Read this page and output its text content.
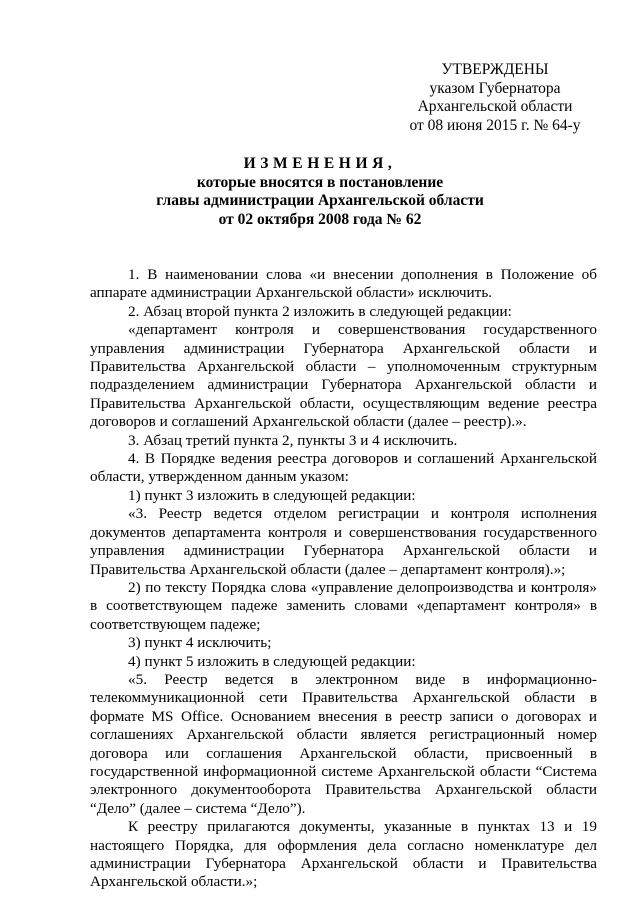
УТВЕРЖДЕНЫ
указом Губернатора
Архангельской области
от 08 июня 2015 г. № 64-у
ИЗМЕНЕНИЯ,
которые вносятся в постановление
главы администрации Архангельской области
от 02 октября 2008 года № 62

1. В наименовании слова «и внесении дополнения в Положение об аппарате администрации Архангельской области» исключить.

2. Абзац второй пункта 2 изложить в следующей редакции:

«департамент контроля и совершенствования государственного управления администрации Губернатора Архангельской области и Правительства Архангельской области – уполномоченным структурным подразделением администрации Губернатора Архангельской области и Правительства Архангельской области, осуществляющим ведение реестра договоров и соглашений Архангельской области (далее – реестр).».

3. Абзац третий пункта 2, пункты 3 и 4 исключить.

4. В Порядке ведения реестра договоров и соглашений Архангельской области, утвержденном данным указом:

1) пункт 3 изложить в следующей редакции:

«3. Реестр ведется отделом регистрации и контроля исполнения документов департамента контроля и совершенствования государственного управления администрации Губернатора Архангельской области и Правительства Архангельской области (далее – департамент контроля).»;

2) по тексту Порядка слова «управление делопроизводства и контроля» в соответствующем падеже заменить словами «департамент контроля» в соответствующем падеже;

3) пункт 4 исключить;

4) пункт 5 изложить в следующей редакции:

«5. Реестр ведется в электронном виде в информационно-телекоммуникационной сети Правительства Архангельской области в формате MS Office. Основанием внесения в реестр записи о договорах и соглашениях Архангельской области является регистрационный номер договора или соглашения Архангельской области, присвоенный в государственной информационной системе Архангельской области “Система электронного документооборота Правительства Архангельской области “Дело” (далее – система “Дело”).

К реестру прилагаются документы, указанные в пунктах 13 и 19 настоящего Порядка, для оформления дела согласно номенклатуре дел администрации Губернатора Архангельской области и Правительства Архангельской области.»;
